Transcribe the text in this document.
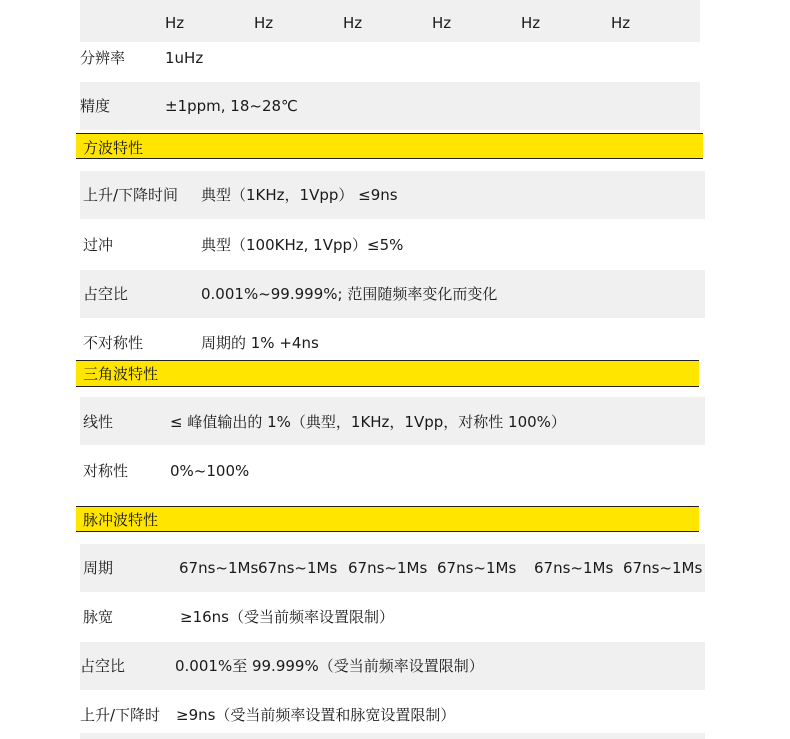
Hz	Hz	Hz	Hz	Hz	Hz
分辨率	1uHz
精度	±1ppm, 18~28℃
方波特性
上升/下降时间 典型（1KHz，1Vpp） ≤9ns
过冲	典型（100KHz, 1Vpp）≤5%
占空比	0.001%~99.999%; 范围随频率变化而变化
不对称性	周期的 1% +4ns
三角波特性
线性	≤ 峰值输出的 1%（典型，1KHz，1Vpp，对称性 100%）
对称性	0%~100%
脉冲波特性
周期	67ns~1Ms 67ns~1Ms 67ns~1Ms 67ns~1Ms 67ns~1Ms 67ns~1Ms
脉宽	≥16ns（受当前频率设置限制）
占空比	0.001%至 99.999%（受当前频率设置限制）
上升/下降时 ≥9ns（受当前频率设置和脉宽设置限制）
